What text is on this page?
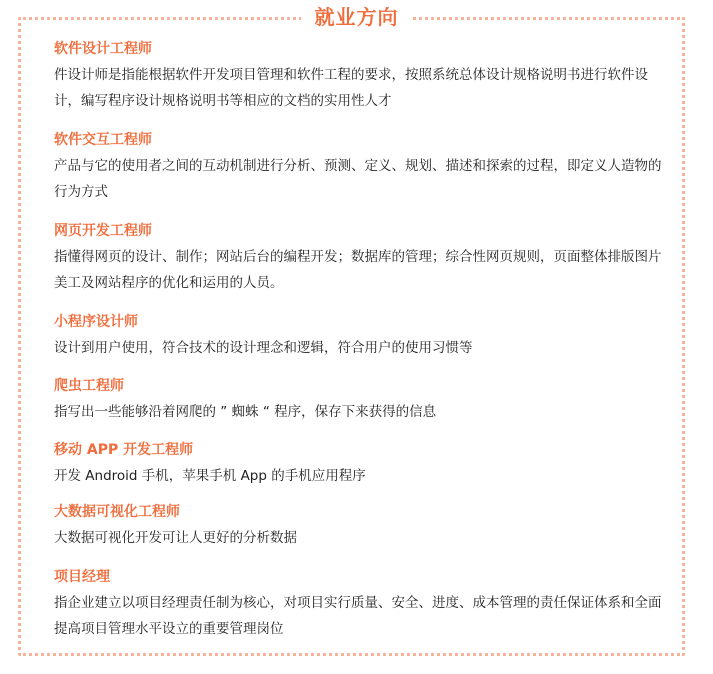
就业方向
软件设计工程师
件设计师是指能根据软件开发项目管理和软件工程的要求，按照系统总体设计规格说明书进行软件设计，编写程序设计规格说明书等相应的文档的实用性人才
软件交互工程师
产品与它的使用者之间的互动机制进行分析、预测、定义、规划、描述和探索的过程，即定义人造物的行为方式
网页开发工程师
指懂得网页的设计、制作；网站后台的编程开发；数据库的管理；综合性网页规则，页面整体排版图片美工及网站程序的优化和运用的人员。
小程序设计师
设计到用户使用，符合技术的设计理念和逻辑，符合用户的使用习惯等
爬虫工程师
指写出一些能够沿着网爬的 ” 蜘蛛 “ 程序，保存下来获得的信息
移动 APP 开发工程师
开发 Android 手机，苹果手机 App 的手机应用程序
大数据可视化工程师
大数据可视化开发可让人更好的分析数据
项目经理
指企业建立以项目经理责任制为核心，对项目实行质量、安全、进度、成本管理的责任保证体系和全面提高项目管理水平设立的重要管理岗位
